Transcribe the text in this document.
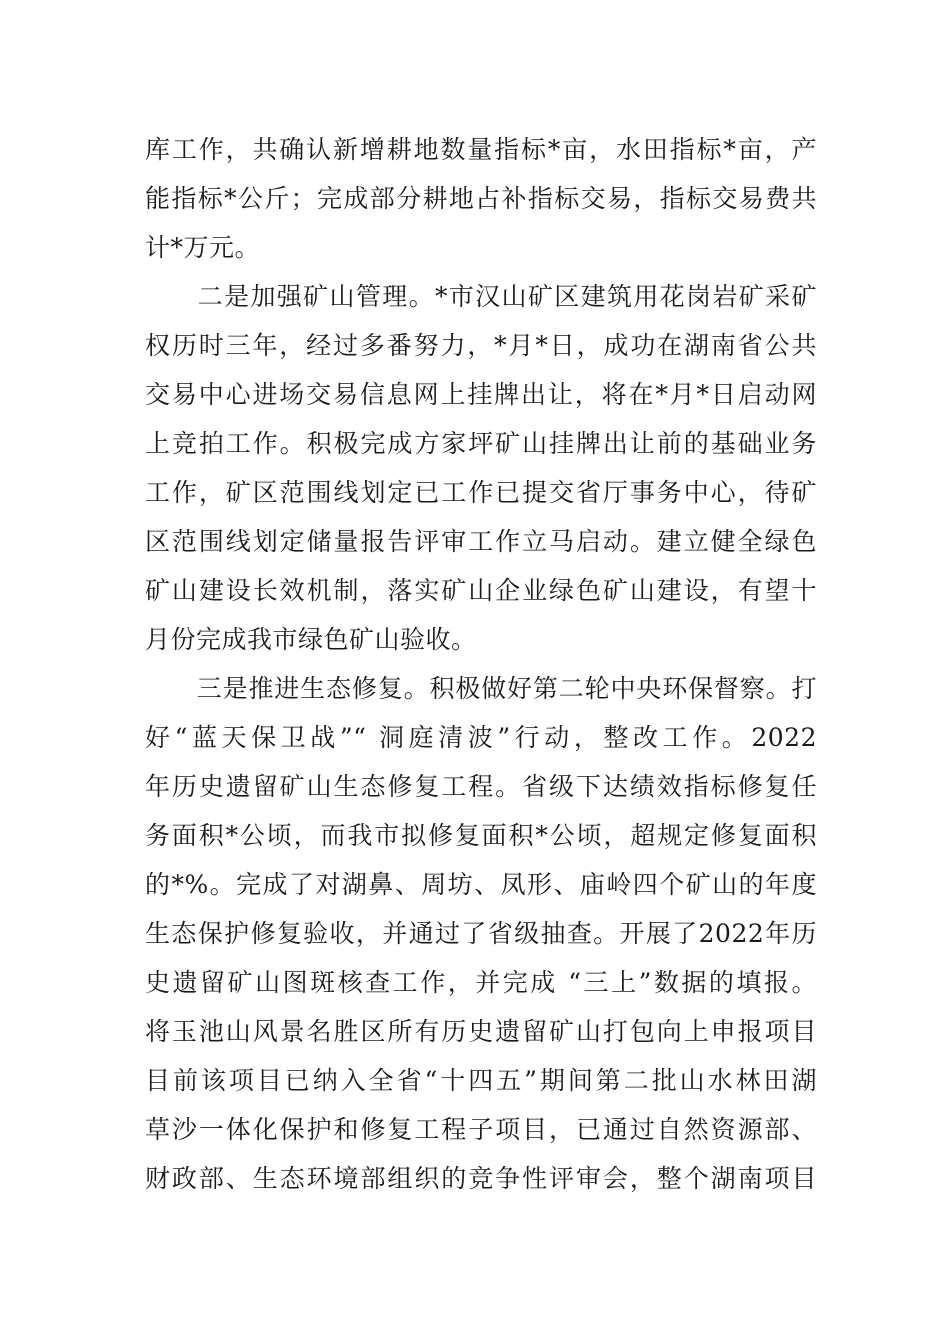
库工作，共确认新增耕地数量指标*亩，水田指标*亩，产
能指标*公斤；完成部分耕地占补指标交易，指标交易费共
计*万元。
　　二是加强矿山管理。*市汉山矿区建筑用花岗岩矿采矿
权历时三年，经过多番努力，*月*日，成功在湖南省公共
交易中心进场交易信息网上挂牌出让，将在*月*日启动网
上竞拍工作。积极完成方家坪矿山挂牌出让前的基础业务
工作，矿区范围线划定已工作已提交省厅事务中心，待矿
区范围线划定储量报告评审工作立马启动。建立健全绿色
矿山建设长效机制，落实矿山企业绿色矿山建设，有望十
月份完成我市绿色矿山验收。
　　三是推进生态修复。积极做好第二轮中央环保督察。打
好“蓝天保卫战”“ 洞庭清波”行动，整改工作。2022
年历史遗留矿山生态修复工程。省级下达绩效指标修复任
务面积*公顷，而我市拟修复面积*公顷，超规定修复面积
的*%。完成了对湖鼻、周坊、凤形、庙岭四个矿山的年度
生态保护修复验收，并通过了省级抽查。开展了2022年历
史遗留矿山图斑核查工作，并完成 “三上”数据的填报。
将玉池山风景名胜区所有历史遗留矿山打包向上申报项目
目前该项目已纳入全省“十四五”期间第二批山水林田湖
草沙一体化保护和修复工程子项目，已通过自然资源部、
财政部、生态环境部组织的竞争性评审会，整个湖南项目
